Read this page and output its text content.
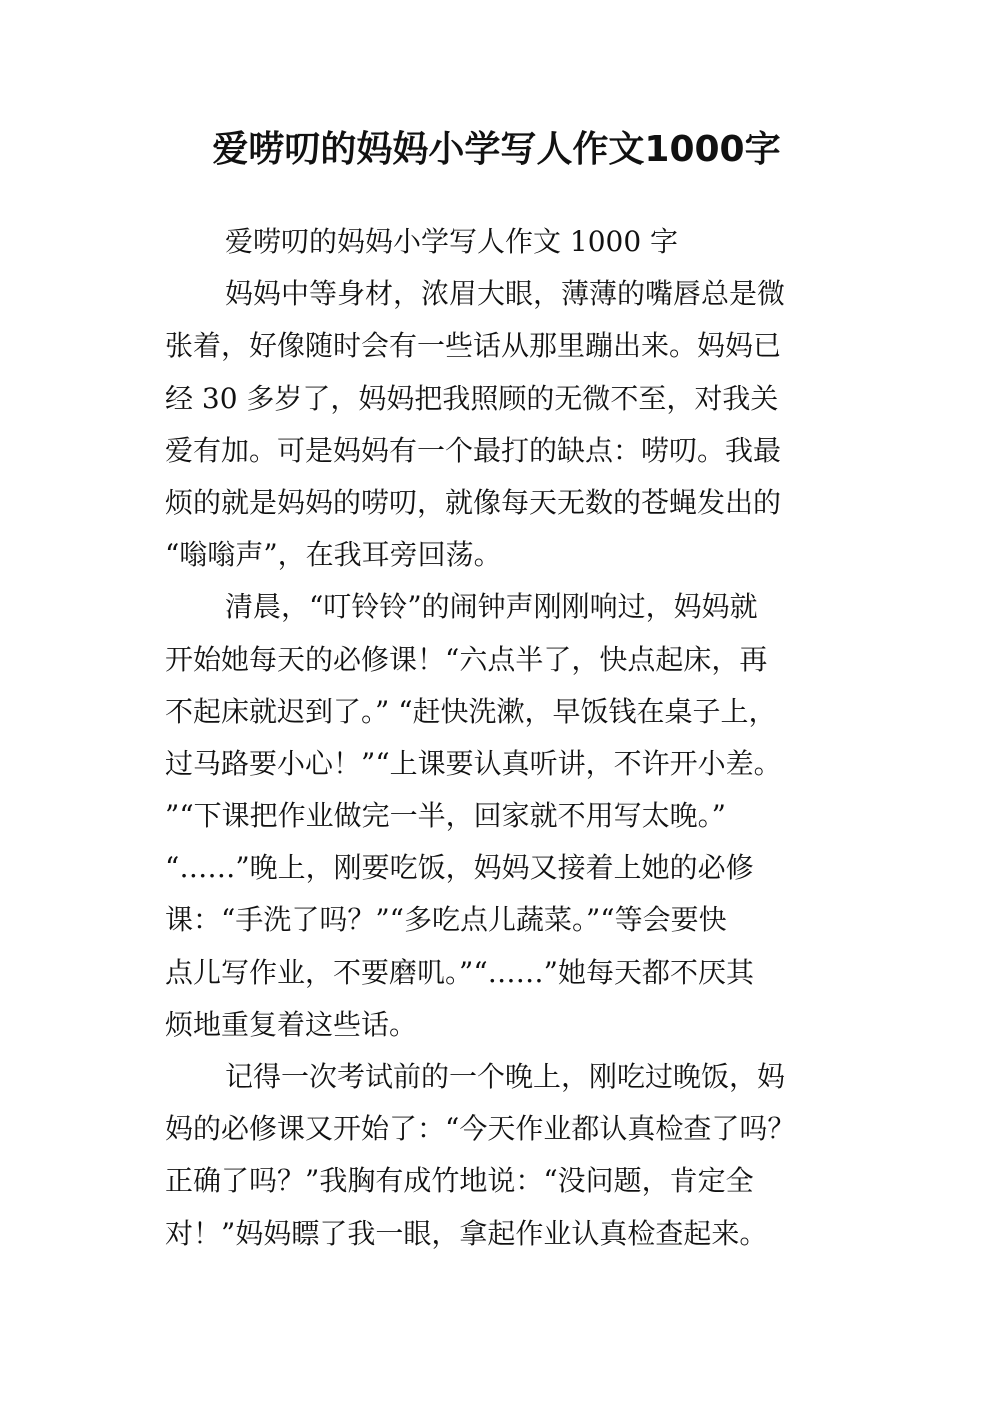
爱唠叨的妈妈小学写人作文1000字
爱唠叨的妈妈小学写人作文 1000 字
妈妈中等身材，浓眉大眼，薄薄的嘴唇总是微
张着，好像随时会有一些话从那里蹦出来。妈妈已
经 30 多岁了，妈妈把我照顾的无微不至，对我关
爱有加。可是妈妈有一个最打的缺点：唠叨。我最
烦的就是妈妈的唠叨，就像每天无数的苍蝇发出的
“嗡嗡声”，在我耳旁回荡。
清晨，“叮铃铃”的闹钟声刚刚响过，妈妈就
开始她每天的必修课！“六点半了，快点起床，再
不起床就迟到了。” “赶快洗漱，早饭钱在桌子上，
过马路要小心！”“上课要认真听讲，不许开小差。
”“下课把作业做完一半，回家就不用写太晚。”
“……”晚上，刚要吃饭，妈妈又接着上她的必修
课：“手洗了吗？”“多吃点儿蔬菜。”“等会要快
点儿写作业，不要磨叽。”“……”她每天都不厌其
烦地重复着这些话。
记得一次考试前的一个晚上，刚吃过晚饭，妈
妈的必修课又开始了：“今天作业都认真检查了吗？
正确了吗？”我胸有成竹地说：“没问题，肯定全
对！”妈妈瞟了我一眼，拿起作业认真检查起来。
